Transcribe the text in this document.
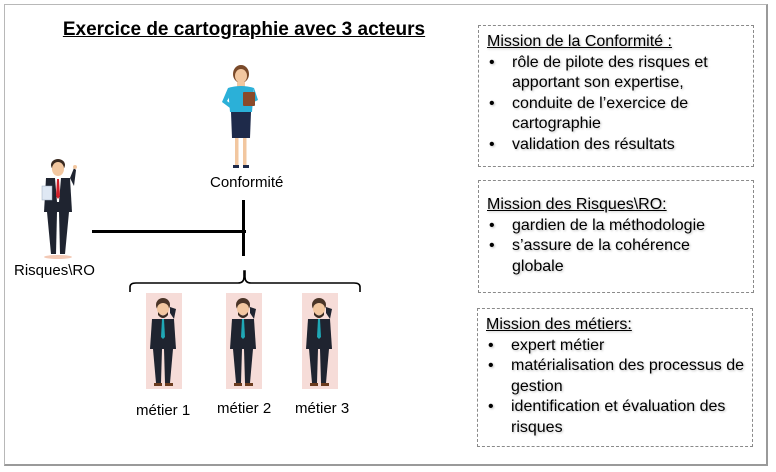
Exercice de cartographie avec 3 acteurs
Conformité
Risques\RO
métier 1 métier 2 métier 3
Mission de la Conformité :
• rôle de pilote des risques et apportant son expertise,
• conduite de l’exercice de cartographie
• validation des résultats
Mission des Risques\RO:
• gardien de la méthodologie
• s’assure de la cohérence globale
Mission des métiers:
• expert métier
• matérialisation des processus de gestion
• identification et évaluation des risques
